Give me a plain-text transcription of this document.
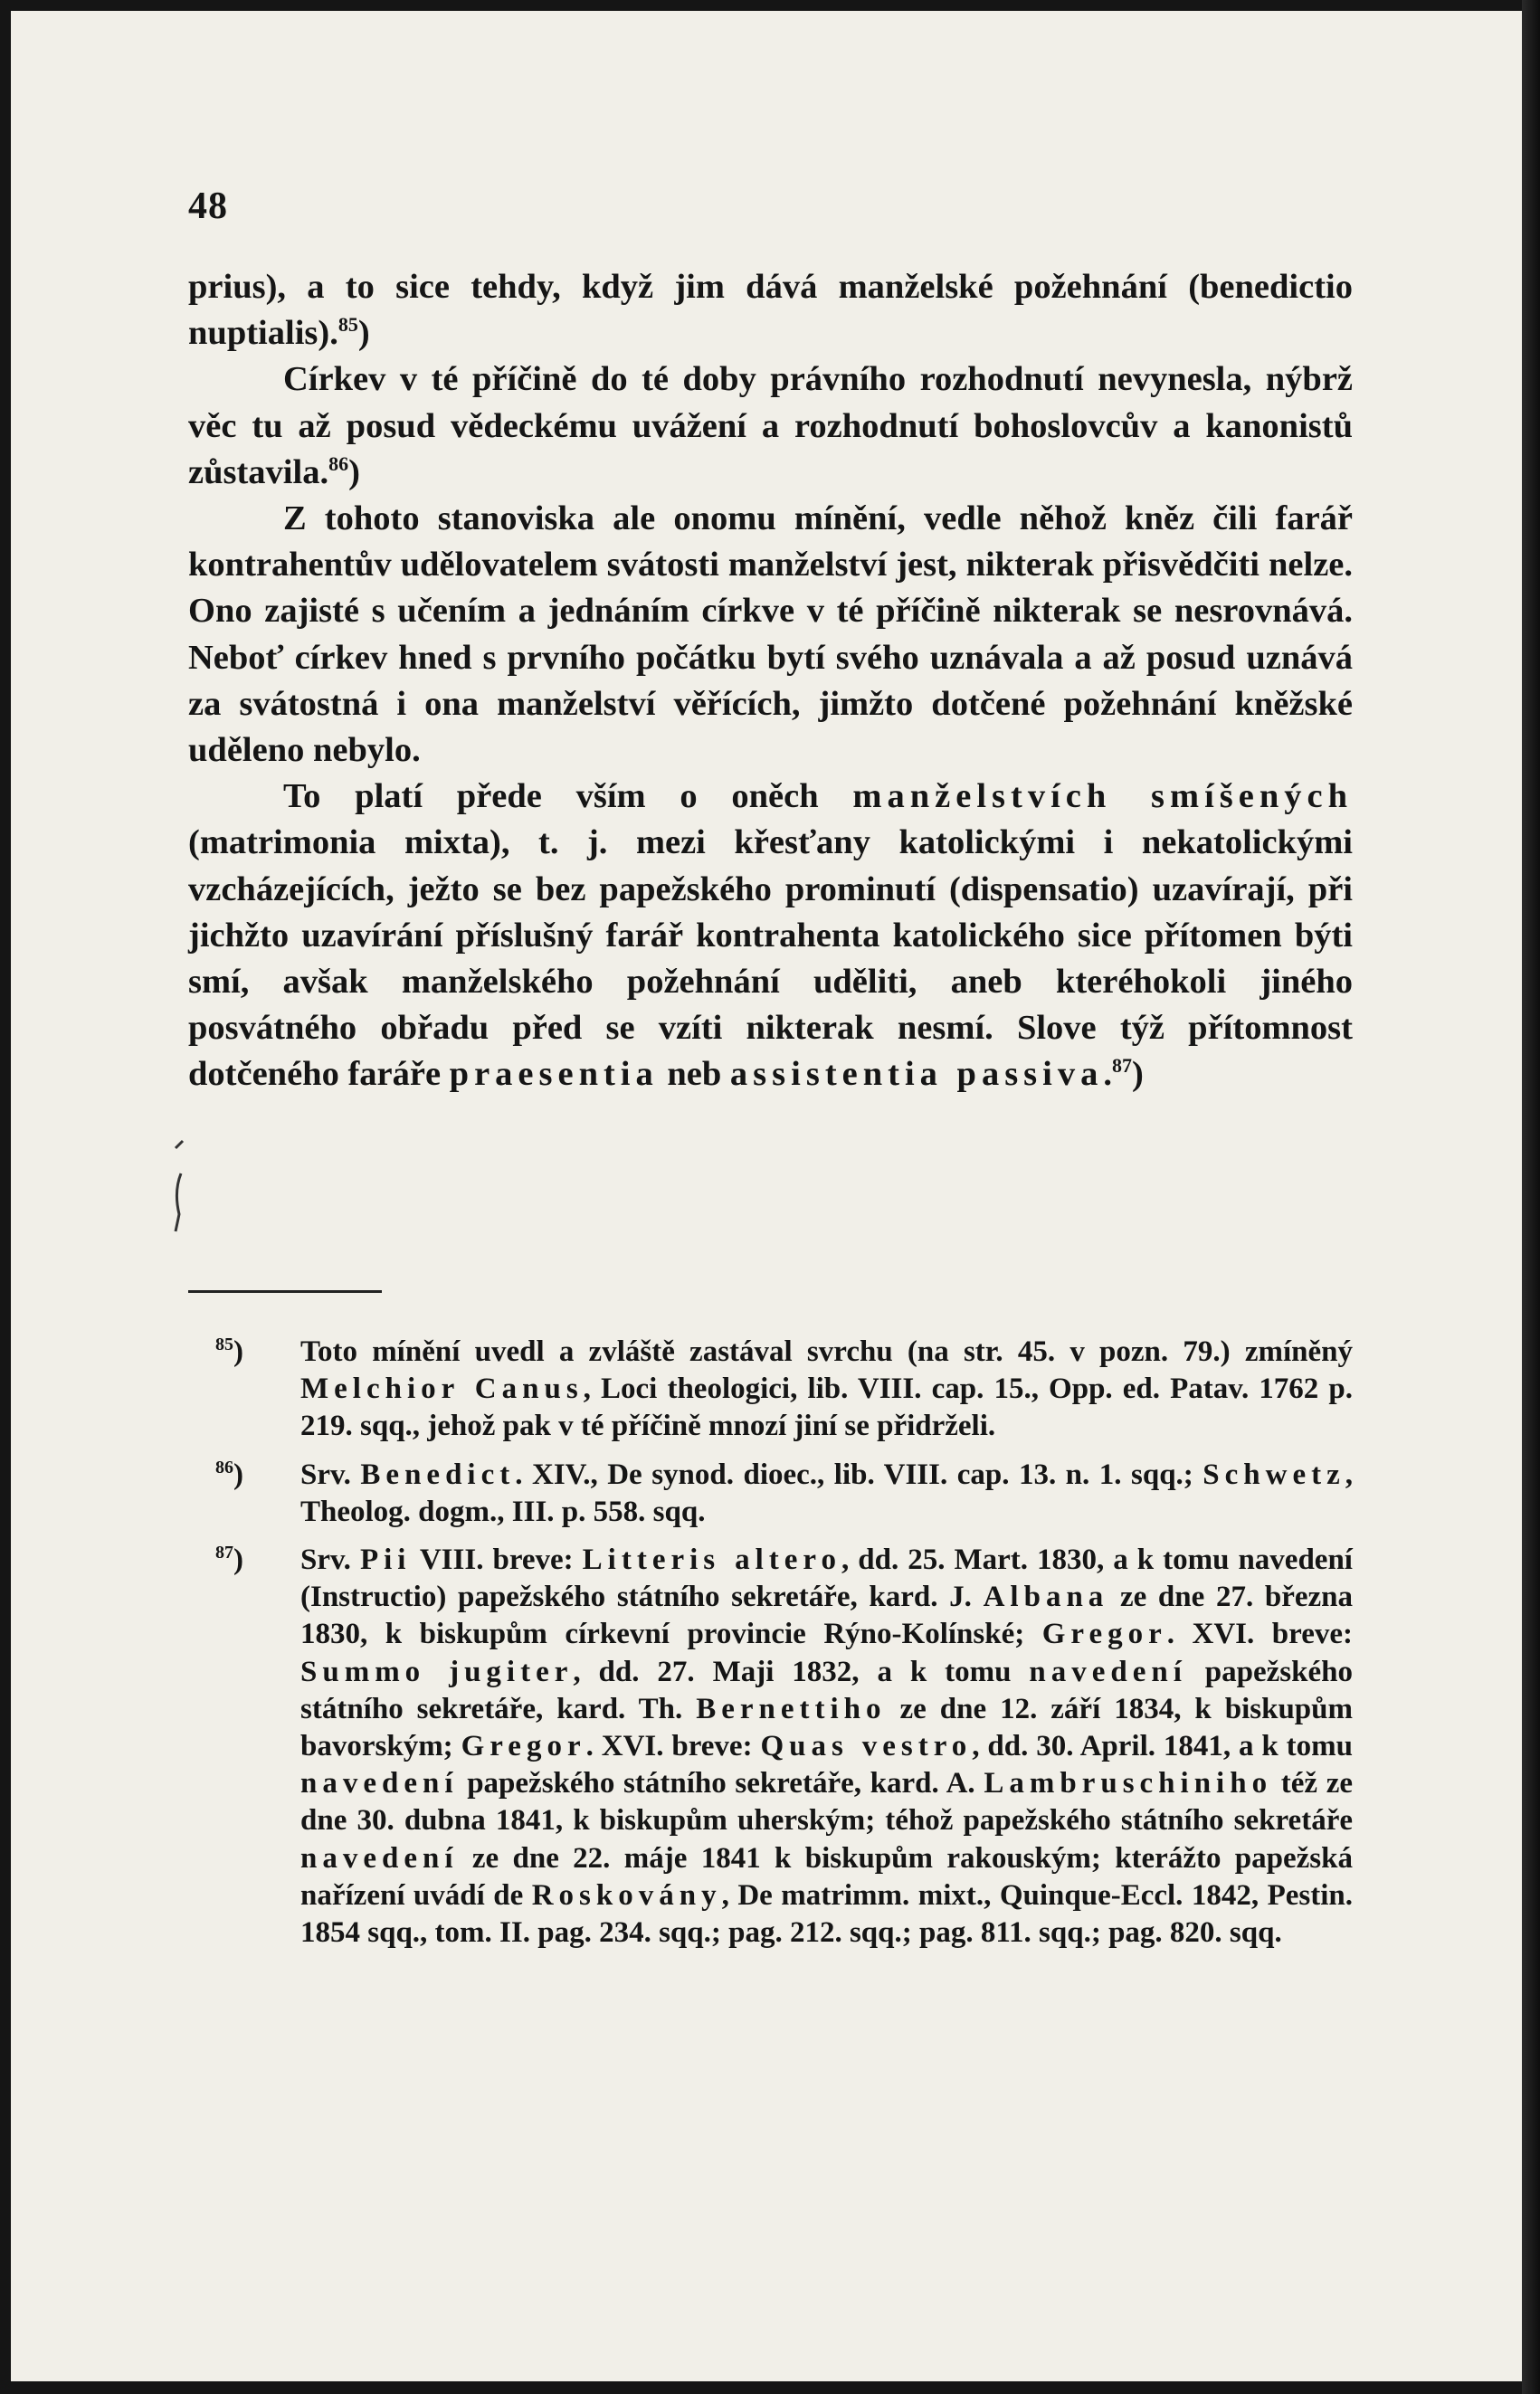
48

prius), a to sice tehdy, když jim dává manželské požehnání (benedictio nuptialis).$^{85}$)

Církev v té příčině do té doby právního rozhodnutí nevynesla, nýbrž věc tu až posud vědeckému uvážení a rozhodnutí bohoslovcův a kanonistů zůstavila.$^{86}$)

Z tohoto stanoviska ale onomu mínění, vedle něhož kněz čili farář kontrahentův udělovatelem svátosti manželství jest, nikterak přisvědčiti nelze. Ono zajisté s učením a jednáním církve v té příčině nikterak se nesrovnává. Neboť církev hned s prvního počátku bytí svého uznávala a až posud uznává za svátostná i ona manželství věřících, jimžto dotčené požehnání kněžské uděleno nebylo.

To platí přede vším o oněch manželstvích smíšených (matrimonia mixta), t. j. mezi křesťany katolickými i nekatolickými vzcházejících, ježto se bez papežského prominutí (dispensatio) uzavírají, při jichžto uzavírání příslušný farář kontrahenta katolického sice přítomen býti smí, avšak manželského požehnání uděliti, aneb kteréhokoli jiného posvátného obřadu před se vzíti nikterak nesmí. Slove týž přítomnost dotčeného faráře praesentia neb assistentia passiva.$^{87}$)

$^{85}$)	Toto mínění uvedl a zvláště zastával svrchu (na str. 45. v pozn. 79.) zmíněný Melchior Canus, Loci theologici, lib. VIII. cap. 15., Opp. ed. Patav. 1762 p. 219. sqq., jehož pak v té příčině mnozí jiní se přidrželi.
$^{86}$)	Srv. Benedict. XIV., De synod. dioec., lib. VIII. cap. 13. n. 1. sqq.; Schwetz, Theolog. dogm., III. p. 558. sqq.
$^{87}$)	Srv. Pii VIII. breve: Litteris altero, dd. 25. Mart. 1830, a k tomu navedení (Instructio) papežského státního sekretáře, kard. J. Albana ze dne 27. března 1830, k biskupům církevní provincie Rýno-Kolínské; Gregor. XVI. breve: Summo jugiter, dd. 27. Maji 1832, a k tomu navedení papežského státního sekretáře, kard. Th. Bernettiho ze dne 12. září 1834, k biskupům bavorským; Gregor. XVI. breve: Quas vestro, dd. 30. April. 1841, a k tomu navedení papežského státního sekretáře, kard. A. Lambruschiniho též ze dne 30. dubna 1841, k biskupům uherským; téhož papežského státního sekretáře navedení ze dne 22. máje 1841 k biskupům rakouským; kterážto papežská nařízení uvádí de Roskovány, De matrimm. mixt., Quinque-Eccl. 1842, Pestin. 1854 sqq., tom. II. pag. 234. sqq.; pag. 212. sqq.; pag. 811. sqq.; pag. 820. sqq.
